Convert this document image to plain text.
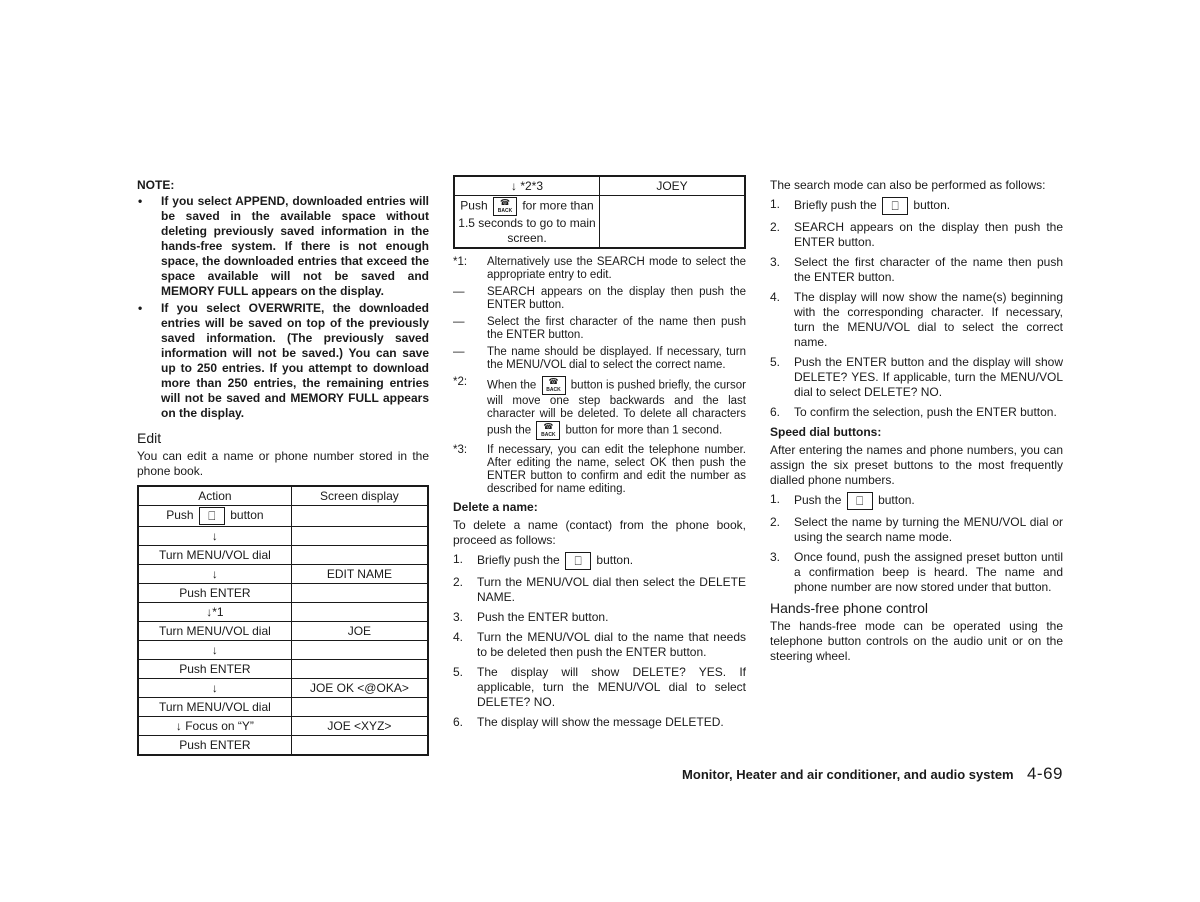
NOTE:
• If you select APPEND, downloaded entries will be saved in the available space without deleting previously saved information in the hands-free system. If there is not enough space, the downloaded entries that exceed the space available will not be saved and MEMORY FULL appears on the display.
• If you select OVERWRITE, the downloaded entries will be saved on top of the previously saved information. (The previously saved information will not be saved.) You can save up to 250 entries. If you attempt to download more than 250 entries, the remaining entries will not be saved and MEMORY FULL appears on the display.
Edit
You can edit a name or phone number stored in the phone book.
Action	Screen display
Push ⎕ button	
↓	
Turn MENU/VOL dial	
↓	EDIT NAME
Push ENTER	
↓*1	
Turn MENU/VOL dial	JOE
↓	
Push ENTER	
↓	JOE OK <@OKA>
Turn MENU/VOL dial	
↓ Focus on “Y”	JOE <XYZ>
Push ENTER	
↓ *2*3	JOEY
Push ☎
BACK for more than 1.5 seconds to go to main screen.	
*1: Alternatively use the SEARCH mode to select the appropriate entry to edit.
— SEARCH appears on the display then push the ENTER button.
— Select the first character of the name then push the ENTER button.
— The name should be displayed. If necessary, turn the MENU/VOL dial to select the correct name.
*2: When the	☎
BACK button is pushed briefly, the cursor will move one step backwards and the last character will be deleted. To delete all characters push the	☎
BACK button for more than 1 second.
*3: If necessary, you can edit the telephone number. After editing the name, select OK then push the ENTER button to confirm and edit the number as described for name editing.
Delete a name:
To delete a name (contact) from the phone book, proceed as follows:
1. Briefly push the ⎕ button.
2. Turn the MENU/VOL dial then select the DELETE NAME.
3. Push the ENTER button.
4. Turn the MENU/VOL dial to the name that needs to be deleted then push the ENTER button.
5. The display will show DELETE? YES. If applicable, turn the MENU/VOL dial to select DELETE? NO.
6. The display will show the message DELETED.
The search mode can also be performed as follows:
1. Briefly push the ⎕ button.
2. SEARCH appears on the display then push the ENTER button.
3. Select the first character of the name then push the ENTER button.
4. The display will now show the name(s) beginning with the corresponding character. If necessary, turn the MENU/VOL dial to select the correct name.
5. Push the ENTER button and the display will show DELETE? YES. If applicable, turn the MENU/VOL dial to select DELETE? NO.
6. To confirm the selection, push the ENTER button.
Speed dial buttons:
After entering the names and phone numbers, you can assign the six preset buttons to the most frequently dialled phone numbers.
1. Push the ⎕ button.
2. Select the name by turning the MENU/VOL dial or using the search name mode.
3. Once found, push the assigned preset button until a confirmation beep is heard. The name and phone number are now stored under that button.
Hands-free phone control
The hands-free mode can be operated using the telephone button controls on the audio unit or on the steering wheel.
Monitor, Heater and air conditioner, and audio system 4-69
